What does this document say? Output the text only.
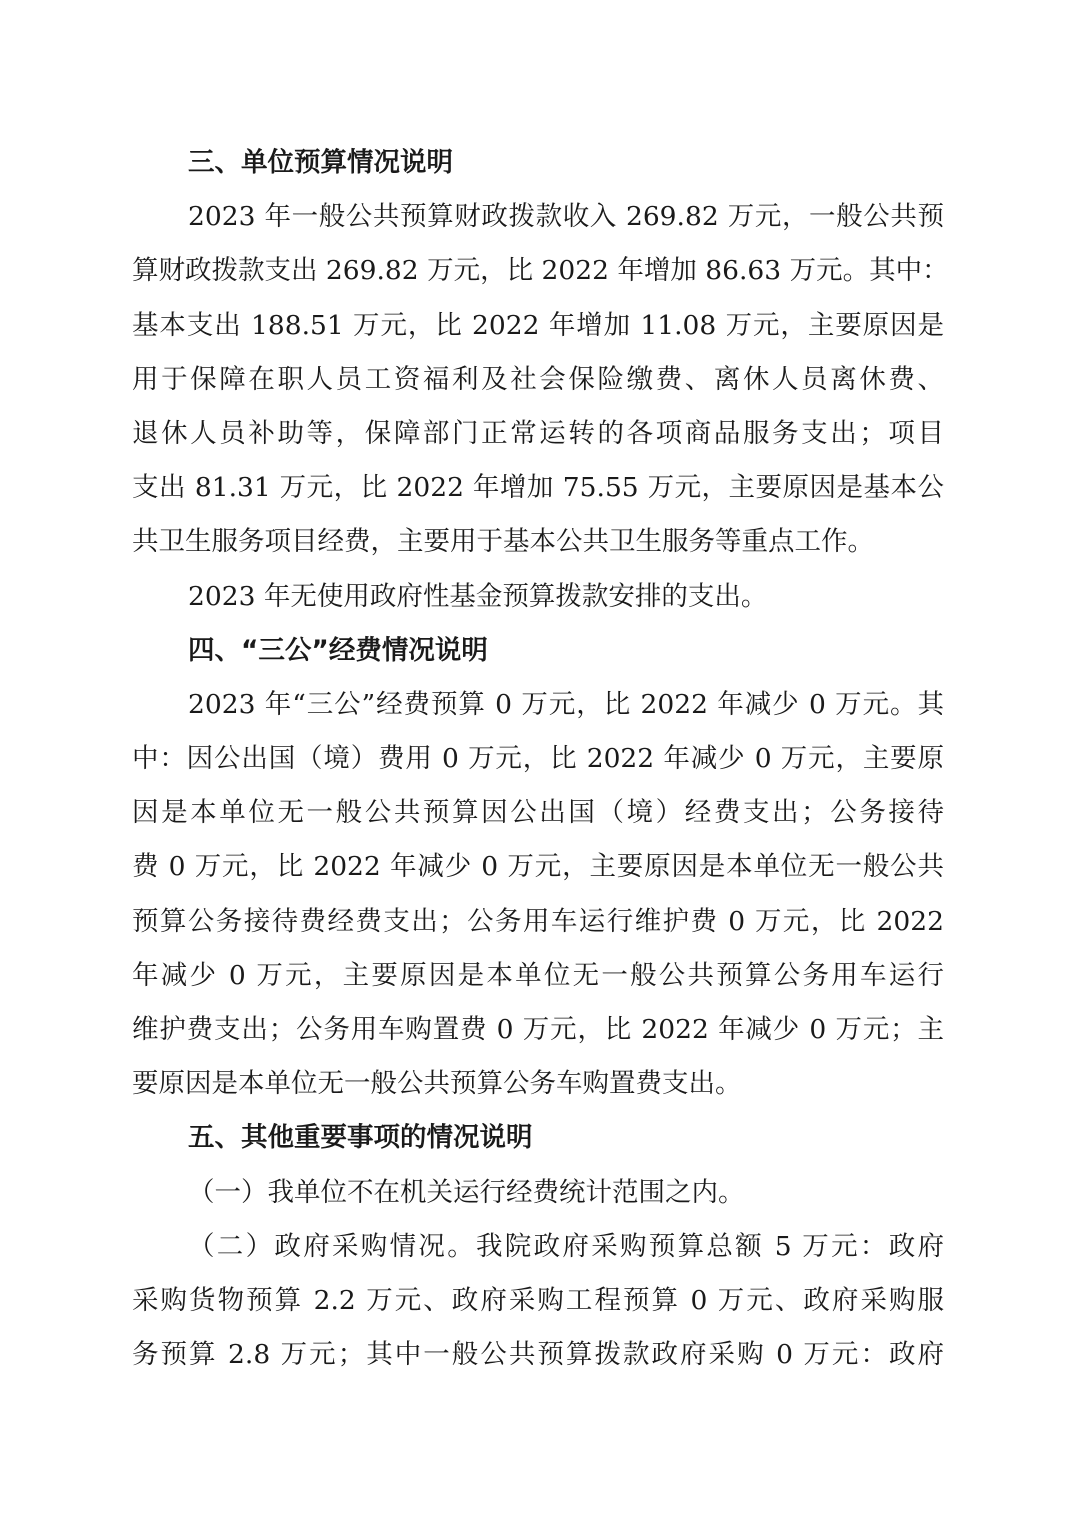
三、单位预算情况说明
2023 年一般公共预算财政拨款收入 269.82 万元，一般公共预
算财政拨款支出 269.82 万元，比 2022 年增加 86.63 万元。其中：
基本支出 188.51 万元，比 2022 年增加 11.08 万元，主要原因是
用于保障在职人员工资福利及社会保险缴费、离休人员离休费、
退休人员补助等，保障部门正常运转的各项商品服务支出；项目
支出 81.31 万元，比 2022 年增加 75.55 万元，主要原因是基本公
共卫生服务项目经费，主要用于基本公共卫生服务等重点工作。
2023 年无使用政府性基金预算拨款安排的支出。
四、“三公”经费情况说明
2023 年“三公”经费预算 0 万元，比 2022 年减少 0 万元。其
中：因公出国（境）费用 0 万元，比 2022 年减少 0 万元，主要原
因是本单位无一般公共预算因公出国（境）经费支出；公务接待
费 0 万元，比 2022 年减少 0 万元，主要原因是本单位无一般公共
预算公务接待费经费支出；公务用车运行维护费 0 万元，比 2022
年减少 0 万元，主要原因是本单位无一般公共预算公务用车运行
维护费支出；公务用车购置费 0 万元，比 2022 年减少 0 万元；主
要原因是本单位无一般公共预算公务车购置费支出。
五、其他重要事项的情况说明
（一）我单位不在机关运行经费统计范围之内。
（二）政府采购情况。我院政府采购预算总额 5 万元：政府
采购货物预算 2.2 万元、政府采购工程预算 0 万元、政府采购服
务预算 2.8 万元；其中一般公共预算拨款政府采购 0 万元：政府
